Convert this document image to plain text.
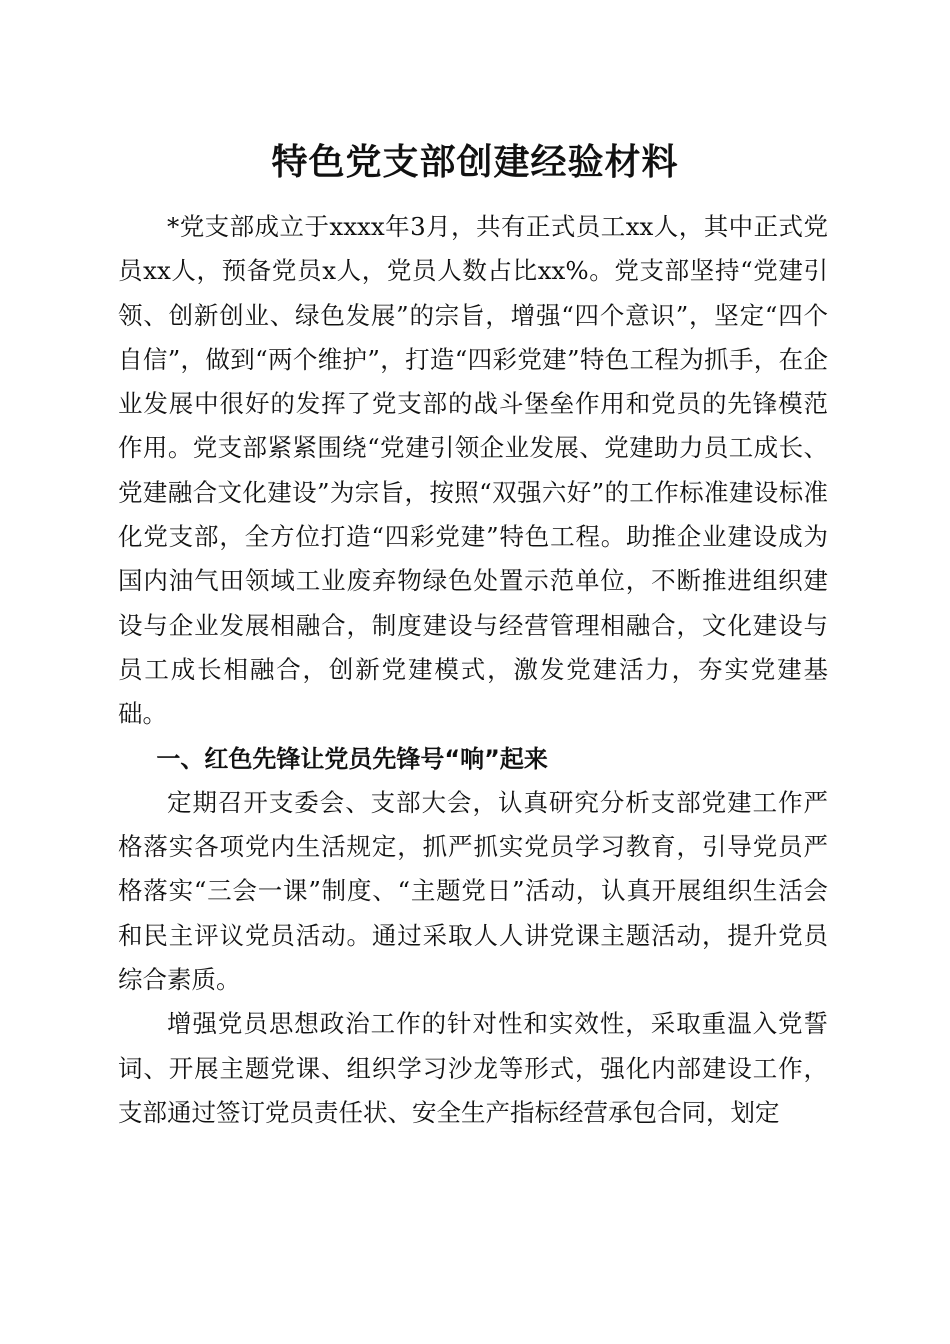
特色党支部创建经验材料

*党支部成立于xxxx年3月，共有正式员工xx人，其中正式党员xx人，预备党员x人，党员人数占比xx%。党支部坚持“党建引领、创新创业、绿色发展”的宗旨，增强“四个意识”，坚定“四个自信”，做到“两个维护”，打造“四彩党建”特色工程为抓手，在企业发展中很好的发挥了党支部的战斗堡垒作用和党员的先锋模范作用。党支部紧紧围绕“党建引领企业发展、党建助力员工成长、党建融合文化建设”为宗旨，按照“双强六好”的工作标准建设标准化党支部，全方位打造“四彩党建”特色工程。助推企业建设成为国内油气田领域工业废弃物绿色处置示范单位，不断推进组织建设与企业发展相融合，制度建设与经营管理相融合，文化建设与员工成长相融合，创新党建模式，激发党建活力，夯实党建基础。

一、红色先锋让党员先锋号“响”起来

定期召开支委会、支部大会，认真研究分析支部党建工作严格落实各项党内生活规定，抓严抓实党员学习教育，引导党员严格落实“三会一课”制度、“主题党日”活动，认真开展组织生活会和民主评议党员活动。通过采取人人讲党课主题活动，提升党员综合素质。

增强党员思想政治工作的针对性和实效性，采取重温入党誓词、开展主题党课、组织学习沙龙等形式，强化内部建设工作，支部通过签订党员责任状、安全生产指标经营承包合同，划定
